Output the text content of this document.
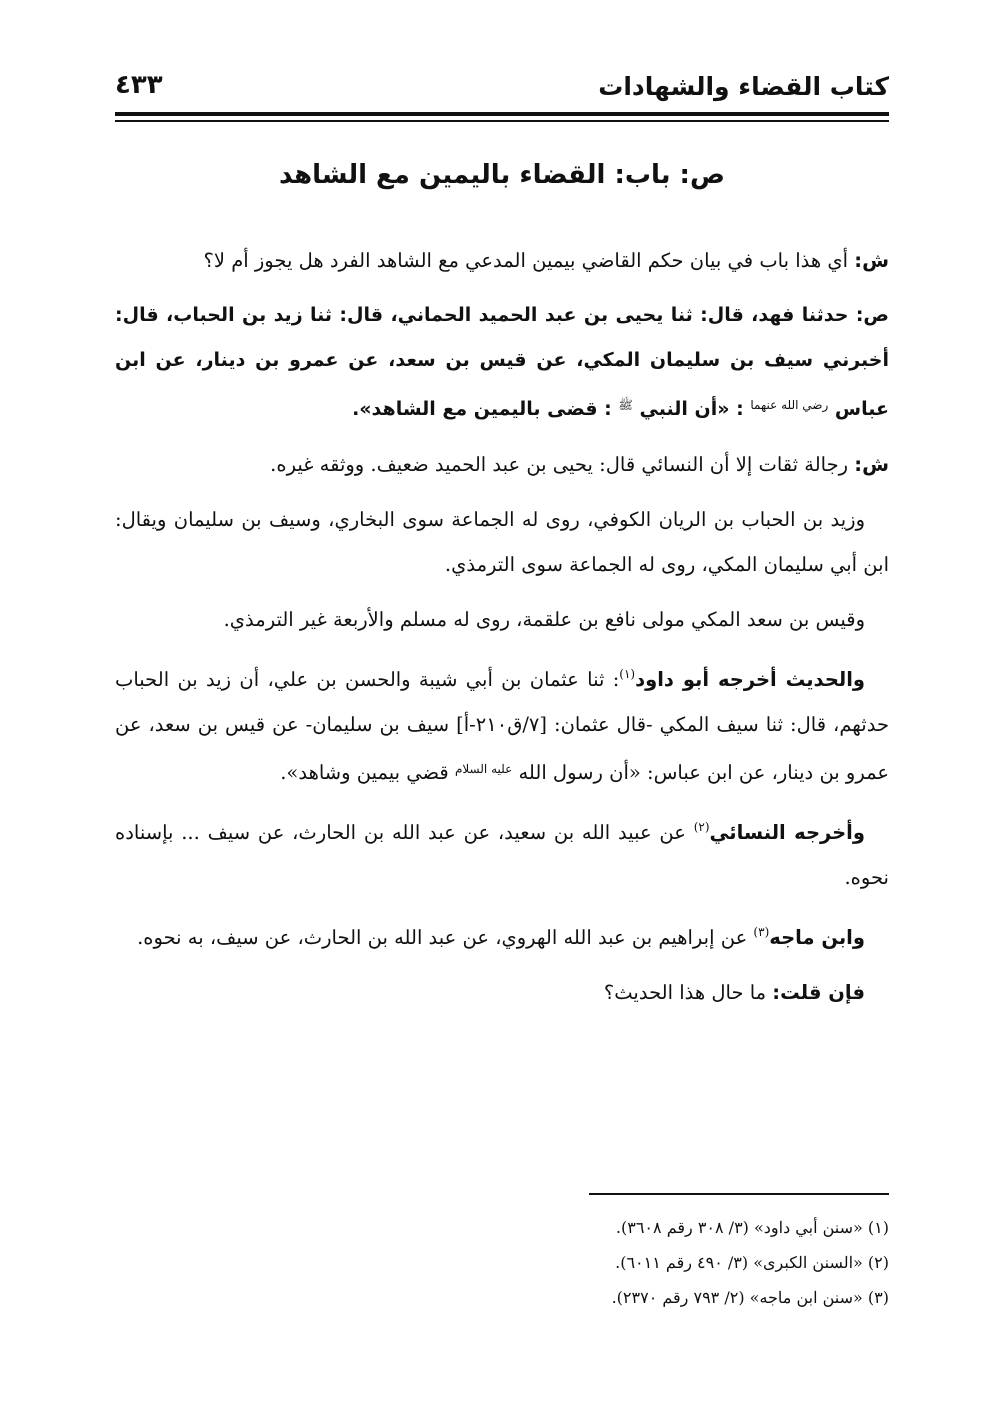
كتاب القضاء والشهادات
٤٣٣
ص: باب: القضاء باليمين مع الشاهد

ش: أي هذا باب في بيان حكم القاضي بيمين المدعي مع الشاهد الفرد هل يجوز أم لا؟

ص: حدثنا فهد، قال: ثنا يحيى بن عبد الحميد الحماني، قال: ثنا زيد بن الحباب، قال: أخبرني سيف بن سليمان المكي، عن قيس بن سعد، عن عمرو بن دينار، عن ابن عباس $^{رضي الله عنهما}$ : «أن النبي $^ﷺ$ : قضى باليمين مع الشاهد».

ش: رجالة ثقات إلا أن النسائي قال: يحيى بن عبد الحميد ضعيف. ووثقه غيره.

وزيد بن الحباب بن الريان الكوفي، روى له الجماعة سوى البخاري، وسيف بن سليمان ويقال: ابن أبي سليمان المكي، روى له الجماعة سوى الترمذي.

وقيس بن سعد المكي مولى نافع بن علقمة، روى له مسلم والأربعة غير الترمذي.

والحديث أخرجه أبو داود$^{(١)}$: ثنا عثمان بن أبي شيبة والحسن بن علي، أن زيد بن الحباب حدثهم، قال: ثنا سيف المكي -قال عثمان: [٧/ق٢١٠-أ] سيف بن سليمان- عن قيس بن سعد، عن عمرو بن دينار، عن ابن عباس: «أن رسول الله $^{عليه السلام}$ قضي بيمين وشاهد».

وأخرجه النسائي$^{(٢)}$ عن عبيد الله بن سعيد، عن عبد الله بن الحارث، عن سيف ... بإسناده نحوه.

وابن ماجه$^{(٣)}$ عن إبراهيم بن عبد الله الهروي، عن عبد الله بن الحارث، عن سيف، به نحوه.

فإن قلت: ما حال هذا الحديث؟

(١) «سنن أبي داود» (٣/ ٣٠٨ رقم ٣٦٠٨).
(٢) «السنن الكبرى» (٣/ ٤٩٠ رقم ٦٠١١).
(٣) «سنن ابن ماجه» (٢/ ٧٩٣ رقم ٢٣٧٠).
